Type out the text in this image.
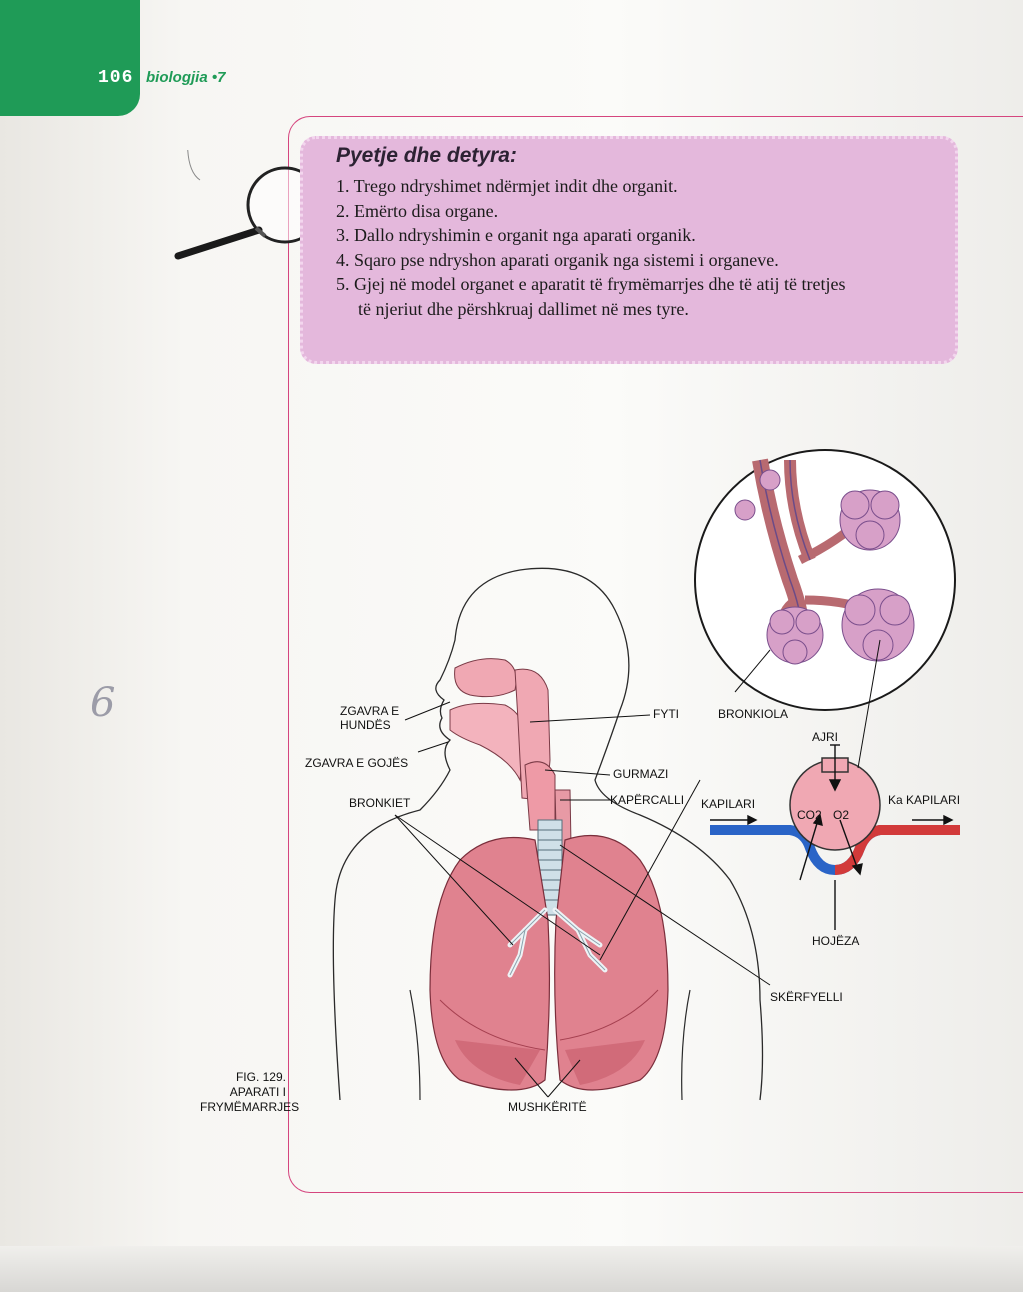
106 biologjia •7
Pyetje dhe detyra:
1. Trego ndryshimet ndërmjet indit dhe organit.
2. Emërto disa organe.
3. Dallo ndryshimin e organit nga aparati organik.
4. Sqaro pse ndryshon aparati organik nga sistemi i organeve.
5. Gjej në model organet e aparatit të frymëmarrjes dhe të atij të tretjes
të njeriut dhe përshkruaj dallimet në mes tyre.
ZGAVRA E
HUNDËS
ZGAVRA E GOJËS
BRONKIET
FYTI
GURMAZI
KAPËRCALLI
BRONKIOLA
AJRI
KAPILARI	Ka KAPILARI
CO2 O2
HOJËZA
SKËRFYELLI
MUSHKËRITË
FIG. 129.
APARATI I
FRYMËMARRJES
6
